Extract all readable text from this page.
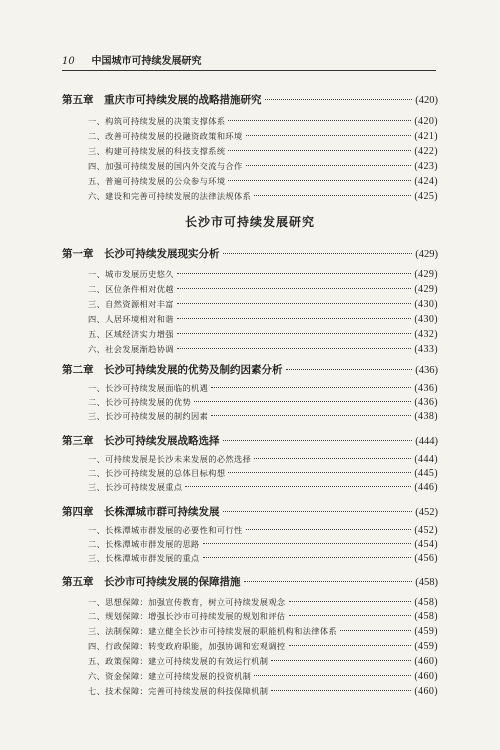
10 中国城市可持续发展研究
第五章　重庆市可持续发展的战略措施研究	(420)
一、构筑可持续发展的决策支撑体系	(420)
二、改善可持续发展的投融资政策和环境	(421)
三、构建可持续发展的科技支撑系统	(422)
四、加强可持续发展的国内外交流与合作	(423)
五、普遍可持续发展的公众参与环境	(424)
六、建设和完善可持续发展的法律法规体系	(425)
长沙市可持续发展研究
第一章　长沙可持续发展现实分析	(429)
一、城市发展历史悠久	(429)
二、区位条件相对优越	(429)
三、自然资源相对丰富	(430)
四、人居环境相对和谐	(430)
五、区域经济实力增强	(432)
六、社会发展渐趋协调	(433)
第二章　长沙可持续发展的优势及制约因素分析	(436)
一、长沙可持续发展面临的机遇	(436)
二、长沙可持续发展的优势	(436)
三、长沙可持续发展的制约因素	(438)
第三章　长沙可持续发展战略选择	(444)
一、可持续发展是长沙未来发展的必然选择	(444)
二、长沙可持续发展的总体目标构想	(445)
三、长沙可持续发展重点	(446)
第四章　长株潭城市群可持续发展	(452)
一、长株潭城市群发展的必要性和可行性	(452)
二、长株潭城市群发展的思路	(454)
三、长株潭城市群发展的重点	(456)
第五章　长沙市可持续发展的保障措施	(458)
一、思想保障：加强宣传教育，树立可持续发展观念	(458)
二、规划保障：增强长沙市可持续发展的规划和评估	(458)
三、法制保障：建立健全长沙市可持续发展的职能机构和法律体系	(459)
四、行政保障：转变政府职能，加强协调和宏观调控	(459)
五、政策保障：建立可持续发展的有效运行机制	(460)
六、资金保障：建立可持续发展的投资机制	(460)
七、技术保障：完善可持续发展的科技保障机制	(460)
